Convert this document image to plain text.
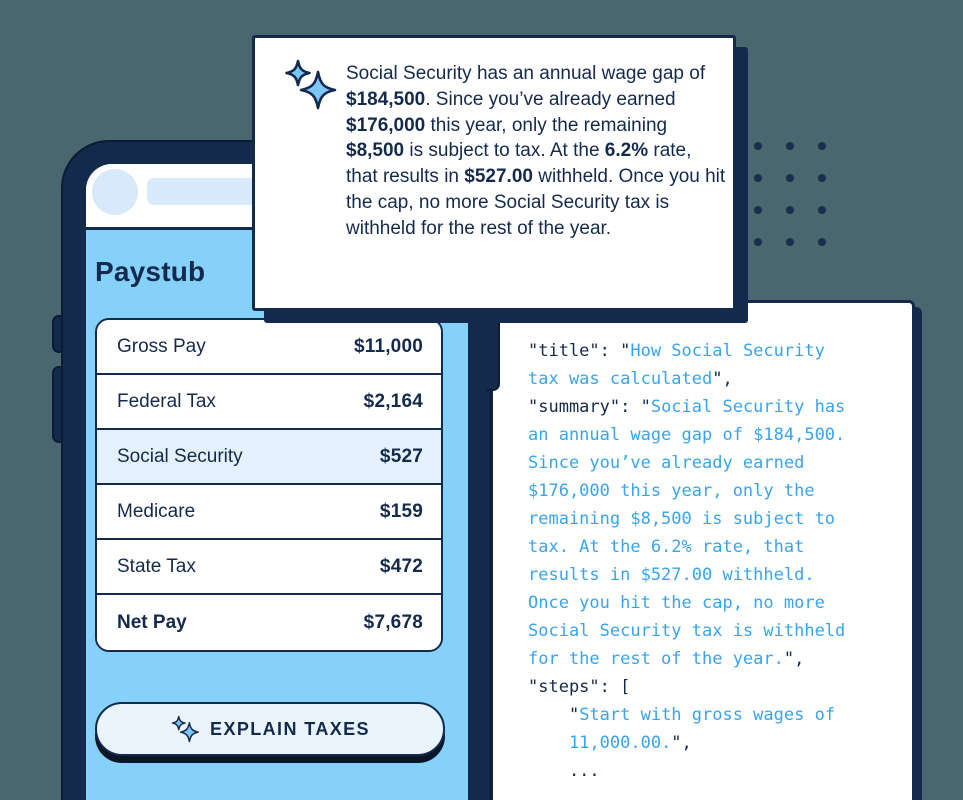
"title": "How Social Security
tax was calculated",
"summary": "Social Security has
an annual wage gap of $184,500.
Since you’ve already earned
$176,000 this year, only the
remaining $8,500 is subject to
tax. At the 6.2% rate, that
results in $527.00 withheld.
Once you hit the cap, no more
Social Security tax is withheld
for the rest of the year.",
"steps": [
"Start with gross wages of
11,000.00.",
...
Paystub
Gross Pay	$11,000
Federal Tax	$2,164
Social Security	$527
Medicare	$159
State Tax	$472
Net Pay	$7,678
EXPLAIN TAXES

Social Security has an annual wage gap of $184,500. Since you’ve already earned $176,000 this year, only the remaining $8,500 is subject to tax. At the 6.2% rate, that results in $527.00 withheld. Once you hit the cap, no more Social Security tax is withheld for the rest of the year.
